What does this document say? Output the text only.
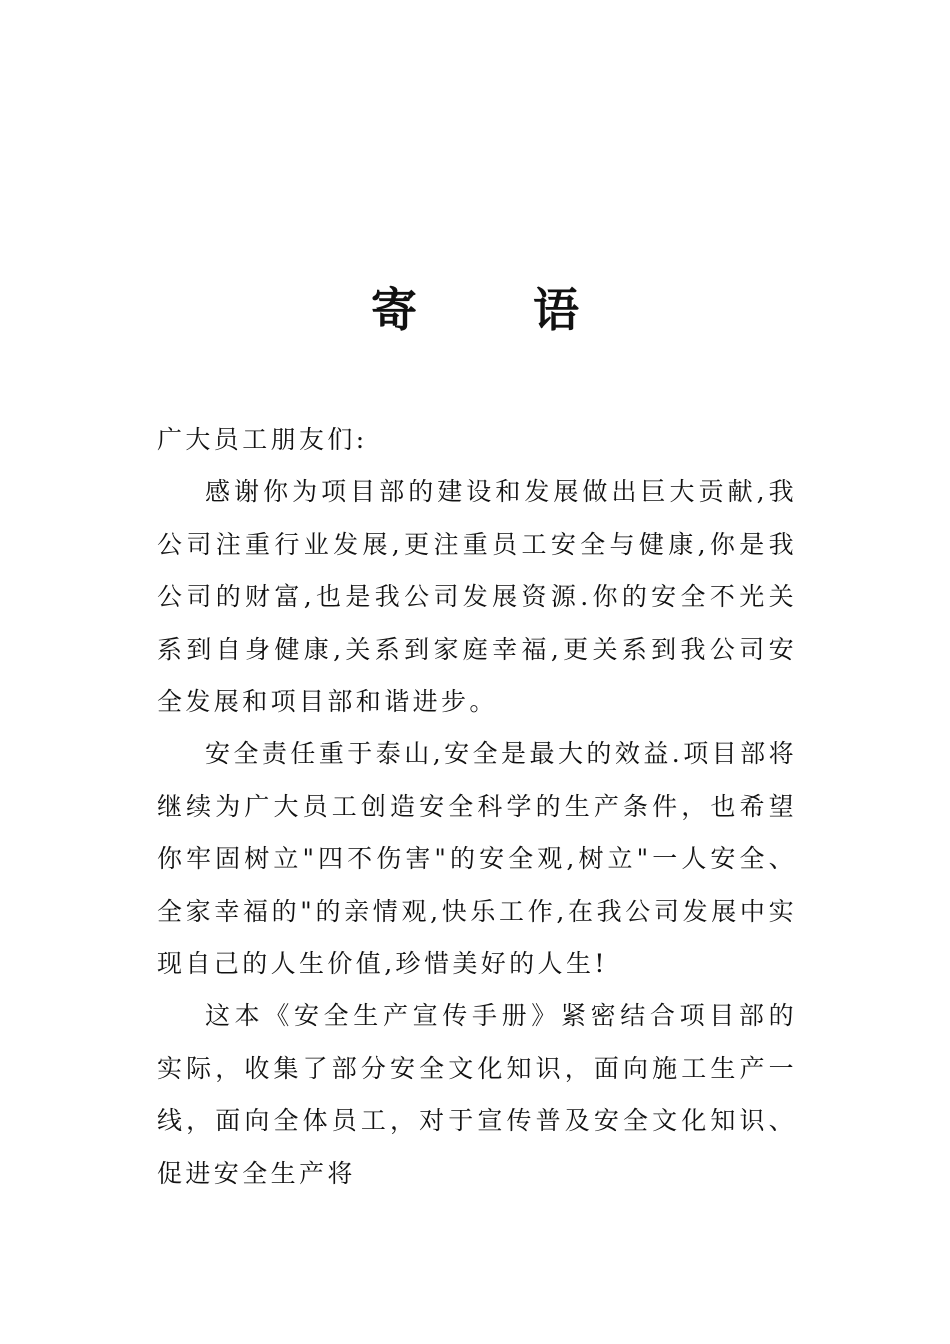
寄 语

广大员工朋友们:

感谢你为项目部的建设和发展做出巨大贡献,我公司注重行业发展,更注重员工安全与健康,你是我公司的财富,也是我公司发展资源.你的安全不光关系到自身健康,关系到家庭幸福,更关系到我公司安全发展和项目部和谐进步。

安全责任重于泰山,安全是最大的效益.项目部将继续为广大员工创造安全科学的生产条件，也希望你牢固树立"四不伤害"的安全观,树立"一人安全、全家幸福的"的亲情观,快乐工作,在我公司发展中实现自己的人生价值,珍惜美好的人生!

这本《安全生产宣传手册》紧密结合项目部的实际，收集了部分安全文化知识，面向施工生产一线，面向全体员工，对于宣传普及安全文化知识、促进安全生产将
